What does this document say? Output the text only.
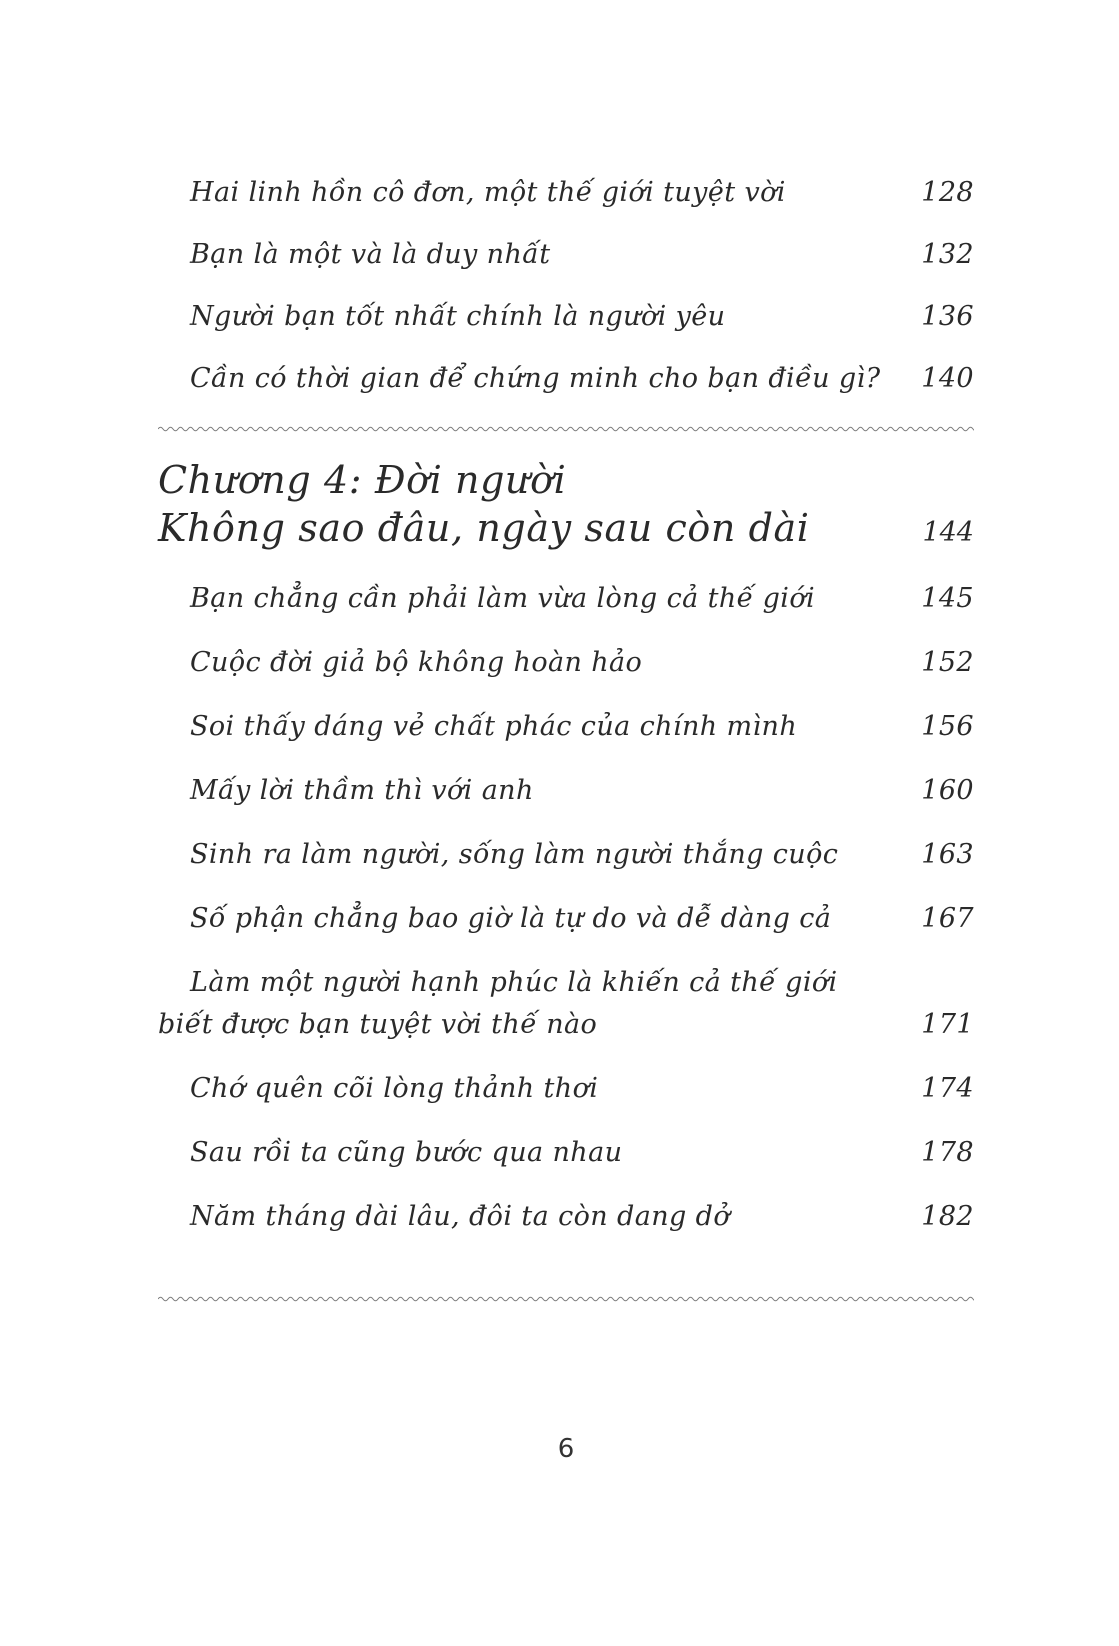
Hai linh hồn cô đơn, một thế giới tuyệt vời	128
Bạn là một và là duy nhất	132
Người bạn tốt nhất chính là người yêu	136
Cần có thời gian để chứng minh cho bạn điều gì? 140
Chương 4: Đời người
Không sao đâu, ngày sau còn dài	144
Bạn chẳng cần phải làm vừa lòng cả thế giới	145
Cuộc đời giả bộ không hoàn hảo	152
Soi thấy dáng vẻ chất phác của chính mình	156
Mấy lời thầm thì với anh	160
Sinh ra làm người, sống làm người thắng cuộc	163
Số phận chẳng bao giờ là tự do và dễ dàng cả	167
Làm một người hạnh phúc là khiến cả thế giới
biết được bạn tuyệt vời thế nào	171
Chớ quên cõi lòng thảnh thơi	174
Sau rồi ta cũng bước qua nhau	178
Năm tháng dài lâu, đôi ta còn dang dở	182
6
